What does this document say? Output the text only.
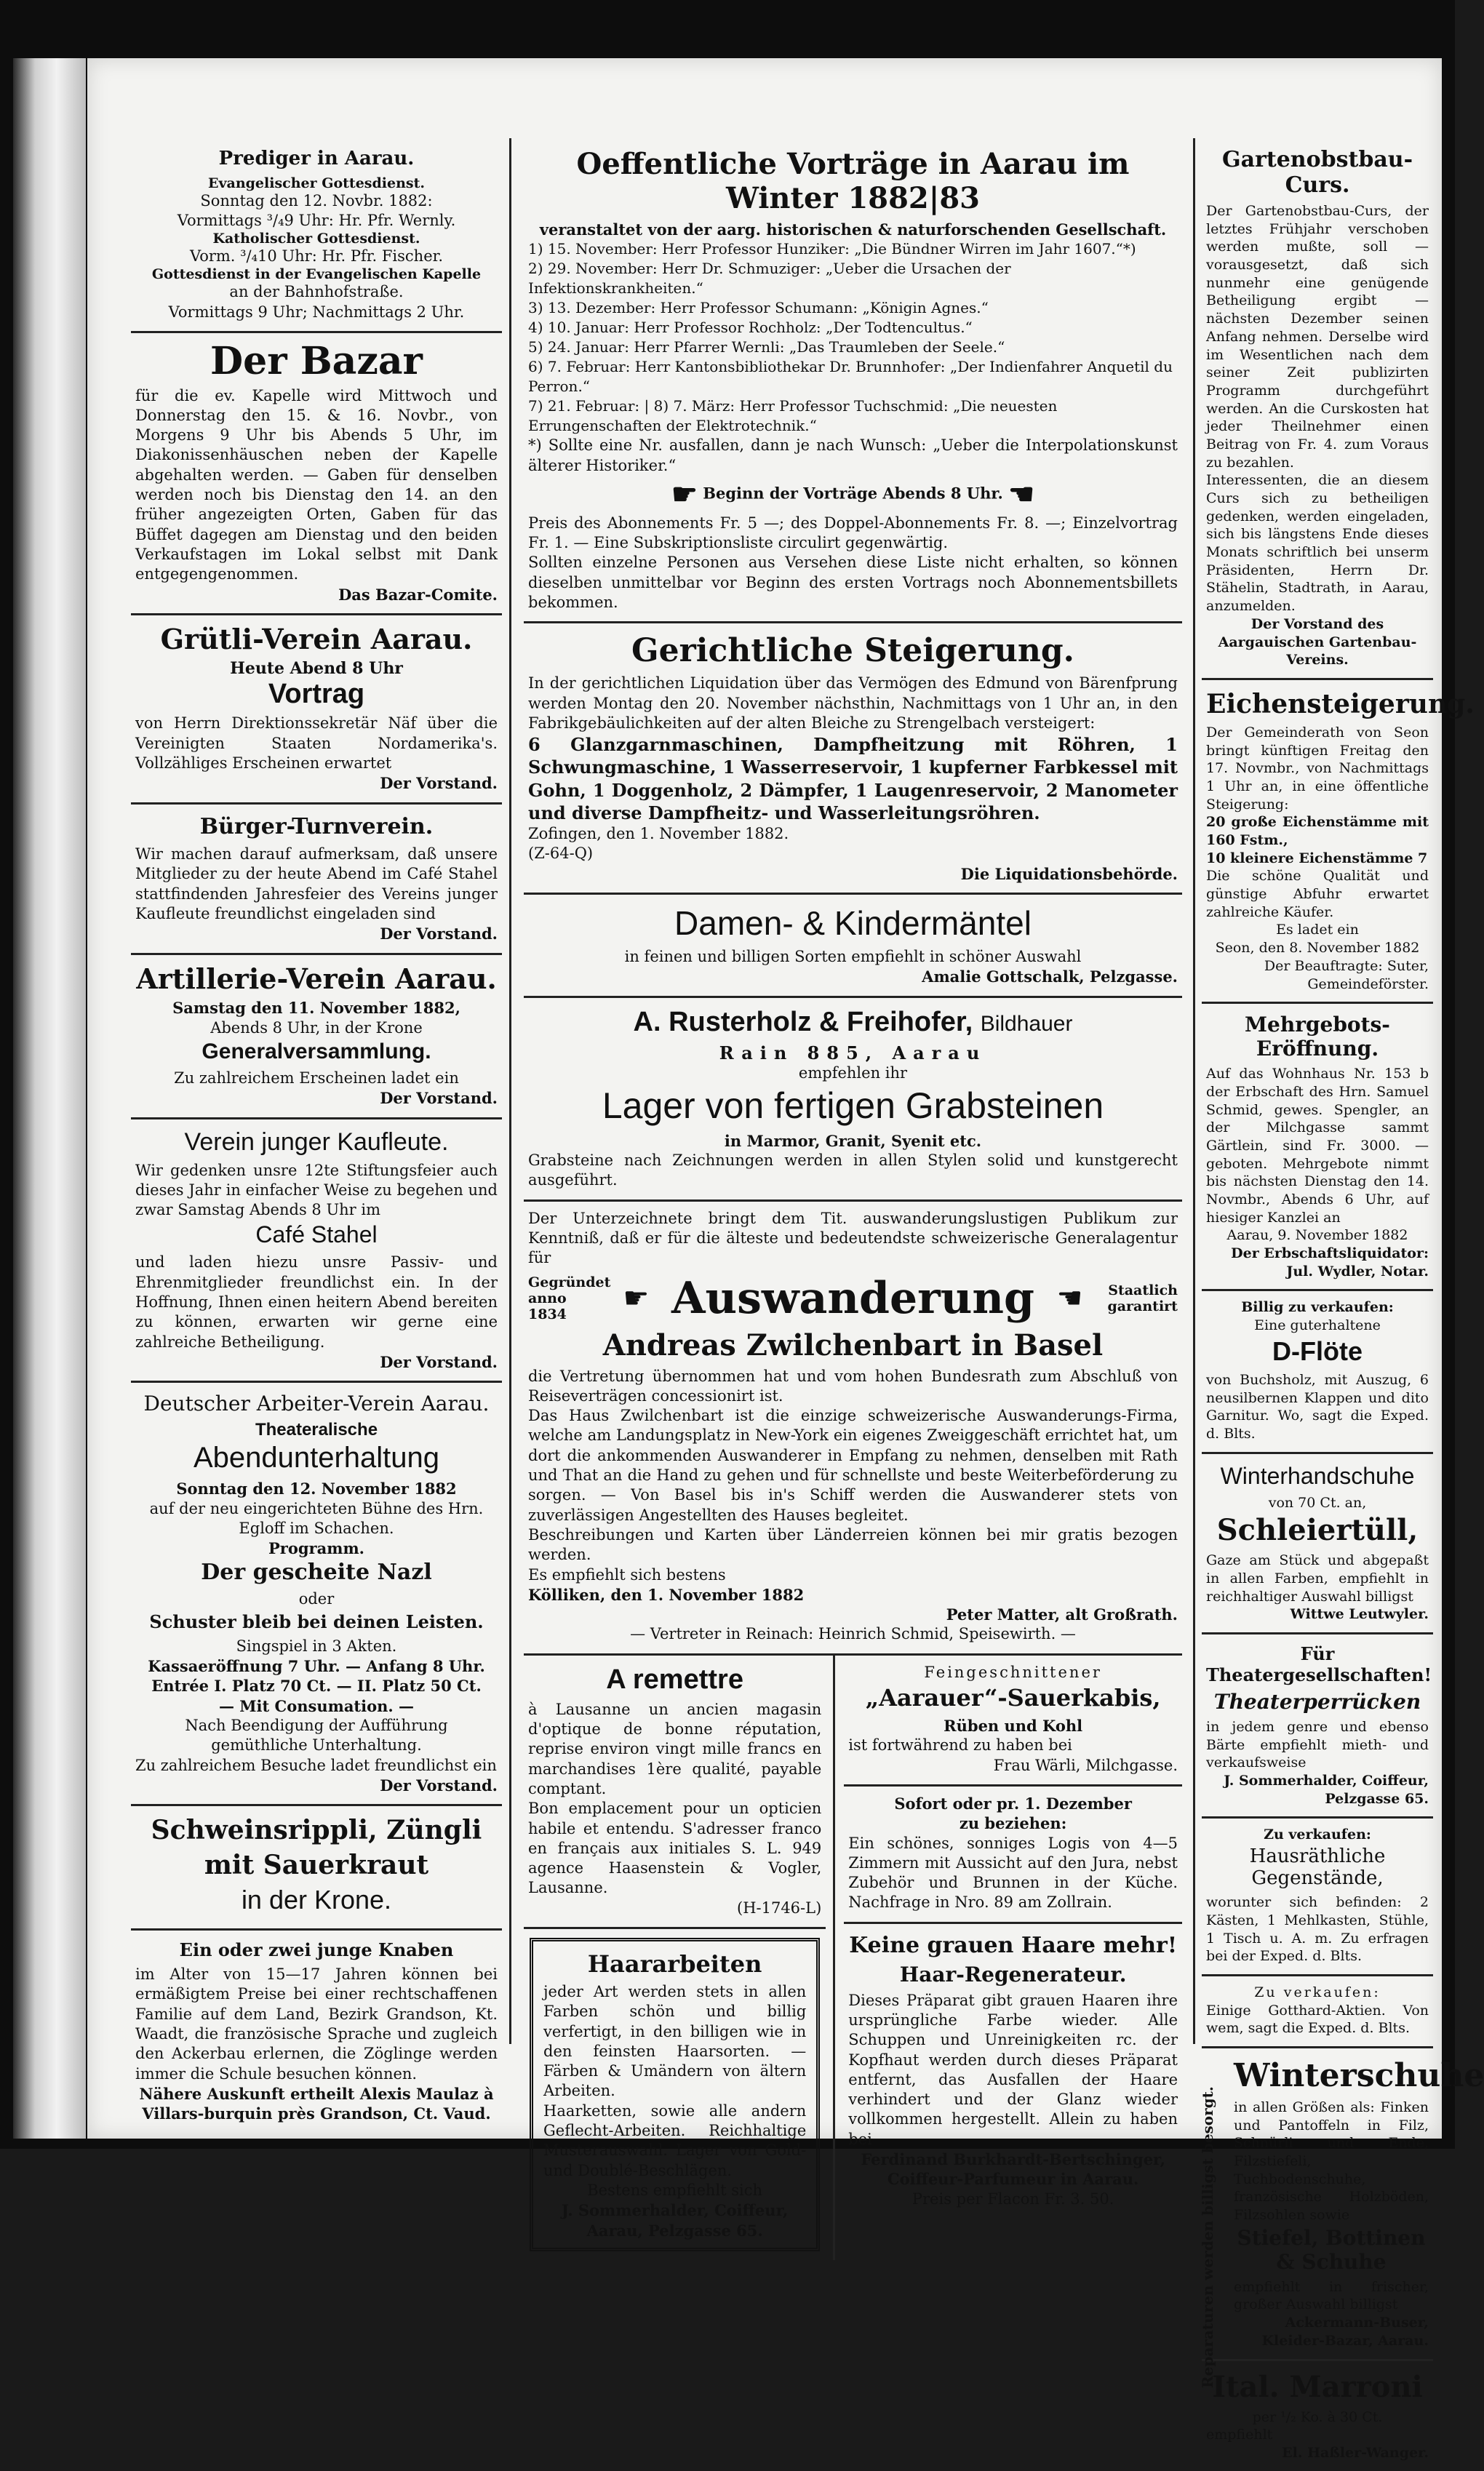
Prediger in Aarau.
Evangelischer Gottesdienst.

Sonntag den 12. Novbr. 1882:

Vormittags ³/₄9 Uhr: Hr. Pfr. Wernly.

Katholischer Gottesdienst.

Vorm. ³/₄10 Uhr: Hr. Pfr. Fischer.

Gottesdienst in der Evangelischen Kapelle

an der Bahnhofstraße.

Vormittags 9 Uhr; Nachmittags 2 Uhr.

Der Bazar

für die ev. Kapelle wird Mittwoch und Donnerstag den 15. & 16. Novbr., von Morgens 9 Uhr bis Abends 5 Uhr, im Diakonissenhäuschen neben der Kapelle abgehalten werden. — Gaben für denselben werden noch bis Dienstag den 14. an den früher angezeigten Orten, Gaben für das Büffet dagegen am Dienstag und den beiden Verkaufstagen im Lokal selbst mit Dank entgegengenommen.

Das Bazar-Comite.

Grütli-Verein Aarau.
Heute Abend 8 Uhr
Vortrag

von Herrn Direktionssekretär Näf über die Vereinigten Staaten Nordamerika's. Vollzähliges Erscheinen erwartet

Der Vorstand.

Bürger-Turnverein.

Wir machen darauf aufmerksam, daß unsere Mitglieder zu der heute Abend im Café Stahel stattfindenden Jahresfeier des Vereins junger Kaufleute freundlichst eingeladen sind

Der Vorstand.

Artillerie-Verein Aarau.

Samstag den 11. November 1882,

Abends 8 Uhr, in der Krone

Generalversammlung.

Zu zahlreichem Erscheinen ladet ein

Der Vorstand.

Verein junger Kaufleute.

Wir gedenken unsre 12te Stiftungsfeier auch dieses Jahr in einfacher Weise zu begehen und zwar Samstag Abends 8 Uhr im

Café Stahel

und laden hiezu unsre Passiv- und Ehrenmitglieder freundlichst ein. In der Hoffnung, Ihnen einen heitern Abend bereiten zu können, erwarten wir gerne eine zahlreiche Betheiligung.

Der Vorstand.

Deutscher Arbeiter-Verein Aarau.
Theateralische
Abendunterhaltung

Sonntag den 12. November 1882

auf der neu eingerichteten Bühne des Hrn. Egloff im Schachen.

Programm.

Der gescheite Nazl

oder

Schuster bleib bei deinen Leisten.

Singspiel in 3 Akten.

Kassaeröffnung 7 Uhr. — Anfang 8 Uhr.

Entrée I. Platz 70 Ct. — II. Platz 50 Ct.

— Mit Consumation. —

Nach Beendigung der Aufführung gemüthliche Unterhaltung.

Zu zahlreichem Besuche ladet freundlichst ein

Der Vorstand.

Schweinsrippli, Züngli
mit Sauerkraut
in der Krone.
Ein oder zwei junge Knaben

im Alter von 15—17 Jahren können bei ermäßigtem Preise bei einer rechtschaffenen Familie auf dem Land, Bezirk Grandson, Kt. Waadt, die französische Sprache und zugleich den Ackerbau erlernen, die Zöglinge werden immer die Schule besuchen können.

Nähere Auskunft ertheilt Alexis Maulaz à Villars-burquin près Grandson, Ct. Vaud.

Oeffentliche Vorträge in Aarau im Winter 1882|83

veranstaltet von der aarg. historischen & naturforschenden Gesellschaft.

1) 15. November: Herr Professor Hunziker: „Die Bündner Wirren im Jahr 1607.“*)
2) 29. November: Herr Dr. Schmuziger: „Ueber die Ursachen der Infektionskrankheiten.“
3) 13. Dezember: Herr Professor Schumann: „Königin Agnes.“
4) 10. Januar: Herr Professor Rochholz: „Der Todtencultus.“
5) 24. Januar: Herr Pfarrer Wernli: „Das Traumleben der Seele.“
6) 7. Februar: Herr Kantonsbibliothekar Dr. Brunnhofer: „Der Indienfahrer Anquetil du Perron.“
7) 21. Februar: | 8) 7. März: Herr Professor Tuchschmid: „Die neuesten Errungenschaften der Elektrotechnik.“

*) Sollte eine Nr. ausfallen, dann je nach Wunsch: „Ueber die Interpolationskunst älterer Historiker.“

☛ Beginn der Vorträge Abends 8 Uhr. ☚

Preis des Abonnements Fr. 5 —; des Doppel-Abonnements Fr. 8. —; Einzelvortrag Fr. 1. — Eine Subskriptionsliste circulirt gegenwärtig.

Sollten einzelne Personen aus Versehen diese Liste nicht erhalten, so können dieselben unmittelbar vor Beginn des ersten Vortrags noch Abonnementsbillets bekommen.

Gerichtliche Steigerung.

In der gerichtlichen Liquidation über das Vermögen des Edmund von Bärenfprung werden Montag den 20. November nächsthin, Nachmittags von 1 Uhr an, in den Fabrikgebäulichkeiten auf der alten Bleiche zu Strengelbach versteigert:

6 Glanzgarnmaschinen, Dampfheitzung mit Röhren, 1 Schwungmaschine, 1 Wasserreservoir, 1 kupferner Farbkessel mit Gohn, 1 Doggenholz, 2 Dämpfer, 1 Laugenreservoir, 2 Manometer und diverse Dampfheitz- und Wasserleitungsröhren.

Zofingen, den 1. November 1882.

(Z-64-Q)

Die Liquidationsbehörde.

Damen- & Kindermäntel

in feinen und billigen Sorten empfiehlt in schöner Auswahl

Amalie Gottschalk, Pelzgasse.

A. Rusterholz & Freihofer, Bildhauer
Rain 885, Aarau

empfehlen ihr

Lager von fertigen Grabsteinen

in Marmor, Granit, Syenit etc.

Grabsteine nach Zeichnungen werden in allen Stylen solid und kunstgerecht ausgeführt.

Der Unterzeichnete bringt dem Tit. auswanderungslustigen Publikum zur Kenntniß, daß er für die älteste und bedeutendste schweizerische Generalagentur für

Gegründet anno 1834	☛ Auswanderung ☚ Staatlich garantirt
Andreas Zwilchenbart in Basel

die Vertretung übernommen hat und vom hohen Bundesrath zum Abschluß von Reiseverträgen concessionirt ist.

Das Haus Zwilchenbart ist die einzige schweizerische Auswanderungs-Firma, welche am Landungsplatz in New-York ein eigenes Zweiggeschäft errichtet hat, um dort die ankommenden Auswanderer in Empfang zu nehmen, denselben mit Rath und That an die Hand zu gehen und für schnellste und beste Weiterbeförderung zu sorgen. — Von Basel bis in's Schiff werden die Auswanderer stets von zuverlässigen Angestellten des Hauses begleitet.

Beschreibungen und Karten über Länderreien können bei mir gratis bezogen werden.

Es empfiehlt sich bestens

Kölliken, den 1. November 1882

Peter Matter, alt Großrath.

— Vertreter in Reinach: Heinrich Schmid, Speisewirth. —

A remettre

à Lausanne un ancien magasin d'optique de bonne réputation, reprise environ vingt mille francs en marchandises 1ère qualité, payable comptant.

Bon emplacement pour un opticien habile et entendu. S'adresser franco en français aux initiales S. L. 949 agence Haasenstein & Vogler, Lausanne.

(H-1746-L)

Haararbeiten

jeder Art werden stets in allen Farben schön und billig verfertigt, in den billigen wie in den feinsten Haarsorten. — Färben & Umändern von ältern Arbeiten.

Haarketten, sowie alle andern Geflecht-Arbeiten. Reichhaltige Musterauswahl. Lager von Gold- und Doublé-Beschlägen.

Bestens empfiehlt sich

J. Sommerhalder, Coiffeur, Aarau, Pelzgasse 65.

Feingeschnittener

„Aarauer“-Sauerkabis,

Rüben und Kohl

ist fortwährend zu haben bei

Frau Wärli, Milchgasse.

Sofort oder pr. 1. Dezember

zu beziehen:

Ein schönes, sonniges Logis von 4—5 Zimmern mit Aussicht auf den Jura, nebst Zubehör und Brunnen in der Küche. Nachfrage in Nro. 89 am Zollrain.

Keine grauen Haare mehr!
Haar-Regenerateur.

Dieses Präparat gibt grauen Haaren ihre ursprüngliche Farbe wieder. Alle Schuppen und Unreinigkeiten rc. der Kopfhaut werden durch dieses Präparat entfernt, das Ausfallen der Haare verhindert und der Glanz wieder vollkommen hergestellt. Allein zu haben bei

Ferdinand Burkhardt-Bertschinger, Coiffeur-Parfumeur in Aarau.

Preis per Flacon Fr. 3. 50.

Gartenobstbau-Curs.

Der Gartenobstbau-Curs, der letztes Frühjahr verschoben werden mußte, soll — vorausgesetzt, daß sich nunmehr eine genügende Betheiligung ergibt — nächsten Dezember seinen Anfang nehmen. Derselbe wird im Wesentlichen nach dem seiner Zeit publizirten Programm durchgeführt werden. An die Curskosten hat jeder Theilnehmer einen Beitrag von Fr. 4. zum Voraus zu bezahlen.

Interessenten, die an diesem Curs sich zu betheiligen gedenken, werden eingeladen, sich bis längstens Ende dieses Monats schriftlich bei unserm Präsidenten, Herrn Dr. Stähelin, Stadtrath, in Aarau, anzumelden.

Der Vorstand des Aargauischen Gartenbau-Vereins.

Eichensteigerung.

Der Gemeinderath von Seon bringt künftigen Freitag den 17. Novmbr., von Nachmittags 1 Uhr an, in eine öffentliche Steigerung:

20 große Eichenstämme mit 160 Fstm.,

10 kleinere Eichenstämme 7

Die schöne Qualität und günstige Abfuhr erwartet zahlreiche Käufer.

Es ladet ein

Seon, den 8. November 1882

Der Beauftragte: Suter, Gemeindeförster.

Mehrgebots-Eröffnung.

Auf das Wohnhaus Nr. 153 b der Erbschaft des Hrn. Samuel Schmid, gewes. Spengler, an der Milchgasse sammt Gärtlein, sind Fr. 3000. — geboten. Mehrgebote nimmt bis nächsten Dienstag den 14. Novmbr., Abends 6 Uhr, auf hiesiger Kanzlei an

Aarau, 9. November 1882

Der Erbschaftsliquidator: Jul. Wydler, Notar.

Billig zu verkaufen:

Eine guterhaltene

D-Flöte

von Buchsholz, mit Auszug, 6 neusilbernen Klappen und dito Garnitur. Wo, sagt die Exped. d. Blts.

Winterhandschuhe

von 70 Ct. an,

Schleiertüll,

Gaze am Stück und abgepaßt in allen Farben, empfiehlt in reichhaltiger Auswahl billigst

Wittwe Leutwyler.

Für Theatergesellschaften!
Theaterperrücken

in jedem genre und ebenso Bärte empfiehlt mieth- und verkaufsweise

J. Sommerhalder, Coiffeur, Pelzgasse 65.

Zu verkaufen:

Hausräthliche Gegenstände,

worunter sich befinden: 2 Kästen, 1 Mehlkasten, Stühle, 1 Tisch u. A. m. Zu erfragen bei der Exped. d. Blts.

Zu verkaufen:

Einige Gotthard-Aktien. Von wem, sagt die Exped. d. Blts.

Reparaturen werden billigst besorgt.
Winterschuhe

in allen Größen als: Finken und Pantoffeln in Filz, Schnürli und Ende, Filzstiefeli, Tuchbodenschuhe, französische Holzböden, Filzsohlen sowie

Stiefel, Bottinen & Schuhe

empfiehlt in frischer, großer Auswahl billigst

Ackermann-Buser, Kleider-Bazar, Aarau.

Ital. Marroni

per ¹/₂ Ko. à 30 Ct.

empfiehlt

El. Haßler-Wanger.
